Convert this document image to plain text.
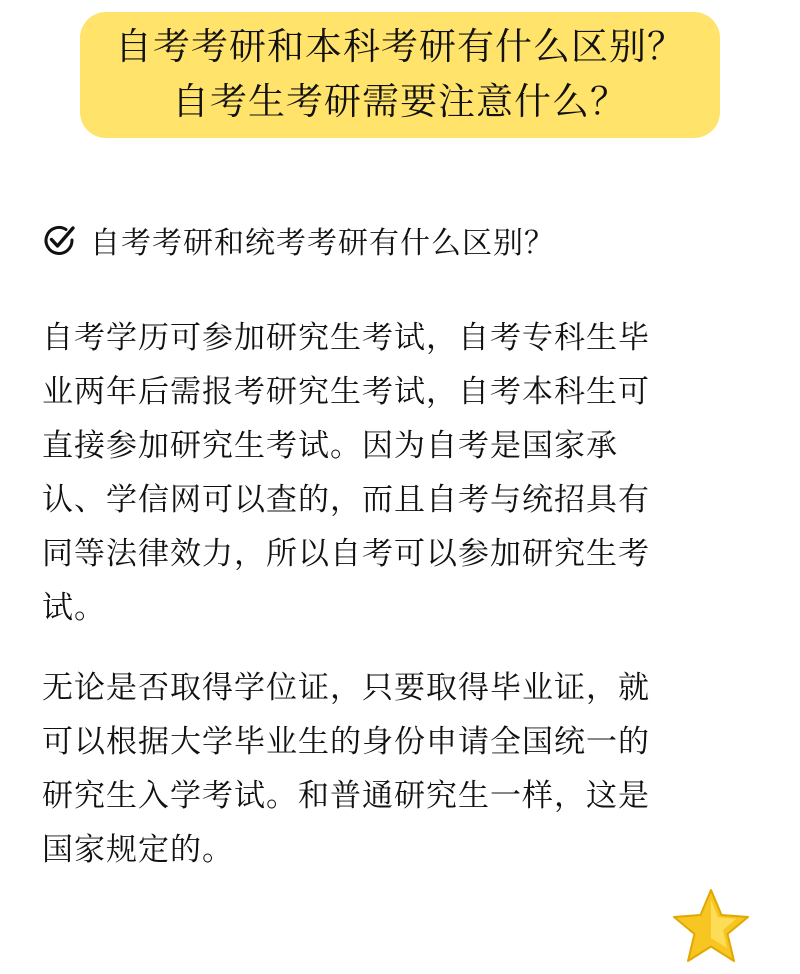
自考考研和本科考研有什么区别？
自考生考研需要注意什么？
自考考研和统考考研有什么区别？
自考学历可参加研究生考试，自考专科生毕
业两年后需报考研究生考试，自考本科生可
直接参加研究生考试。因为自考是国家承
认、学信网可以查的，而且自考与统招具有
同等法律效力，所以自考可以参加研究生考
试。
无论是否取得学位证，只要取得毕业证，就
可以根据大学毕业生的身份申请全国统一的
研究生入学考试。和普通研究生一样，这是
国家规定的。
